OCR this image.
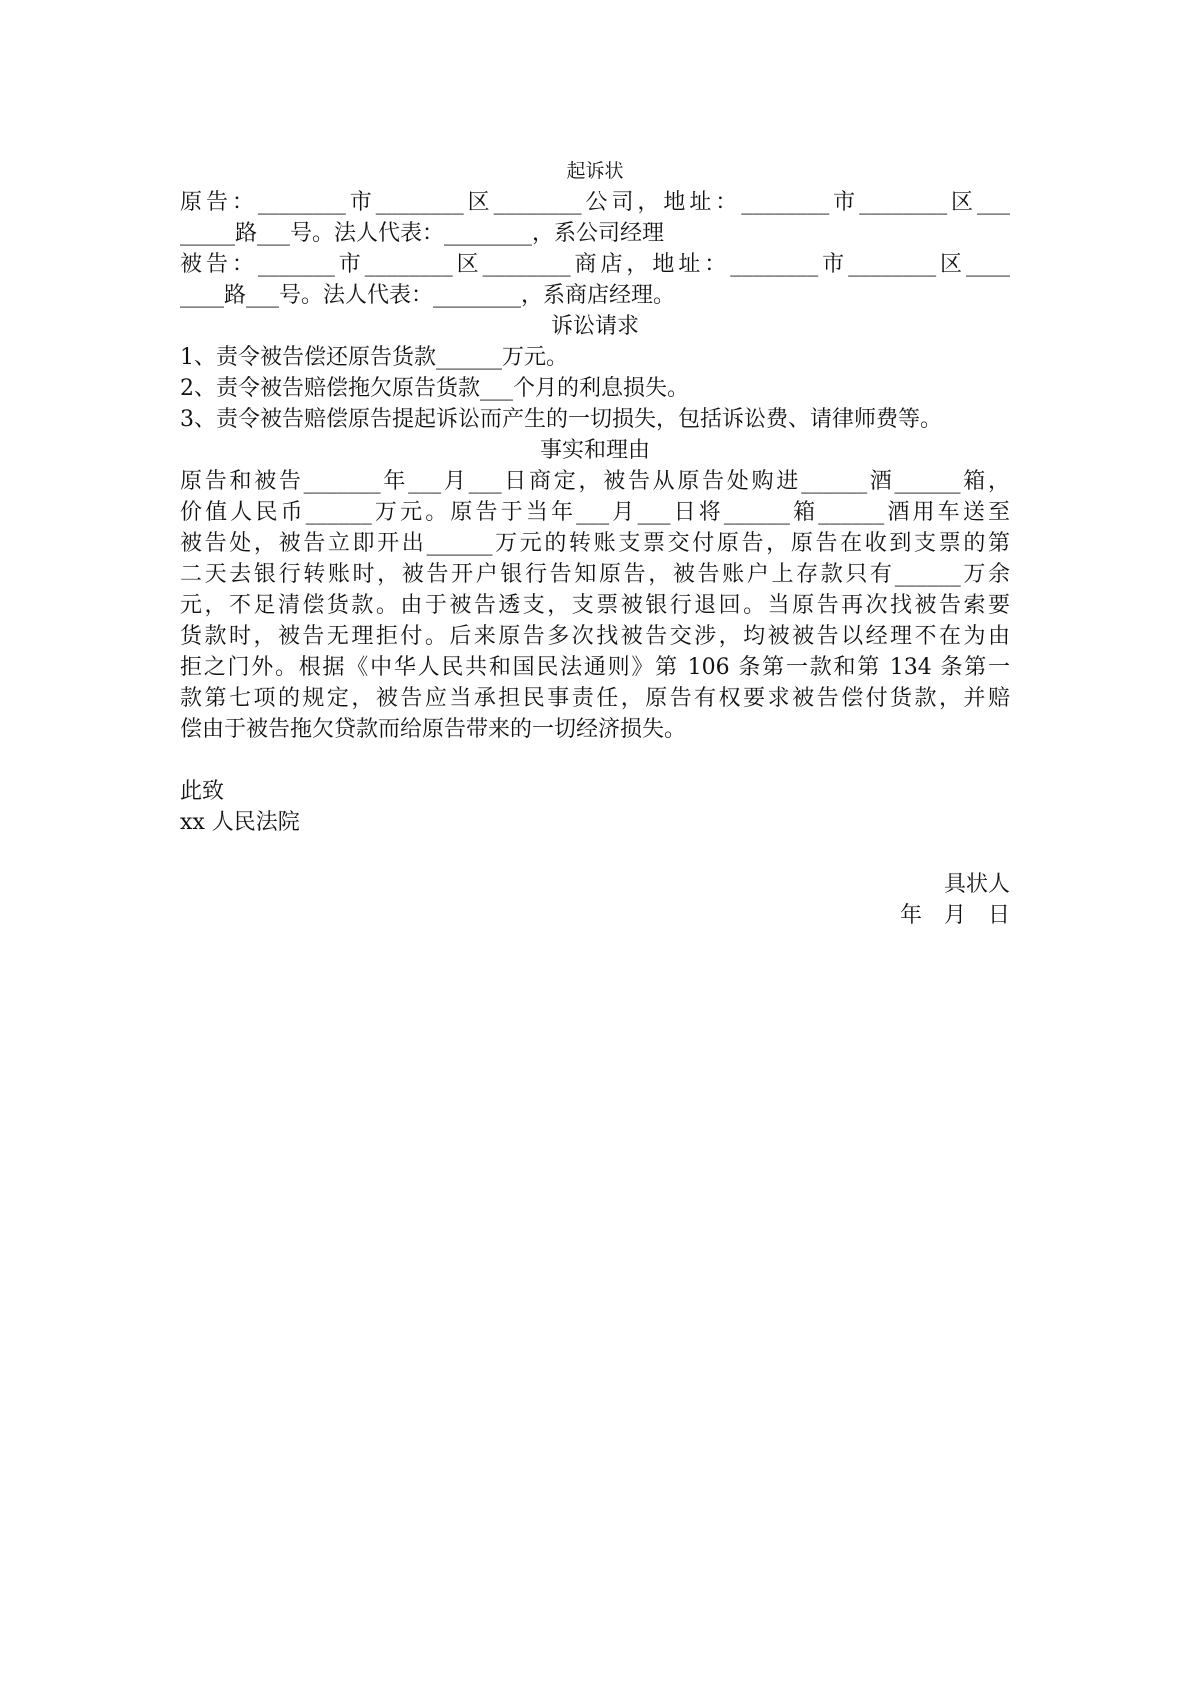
起诉状
原告：________市________区________公司，地址：________市________区___
_____路___号。法人代表：________，系公司经理
被告：_______市________区________商店，地址：________市________区____
____路___号。法人代表：________，系商店经理。
诉讼请求
1、责令被告偿还原告货款______万元。
2、责令被告赔偿拖欠原告货款___个月的利息损失。
3、责令被告赔偿原告提起诉讼而产生的一切损失，包括诉讼费、请律师费等。
事实和理由
原告和被告_______年___月___日商定，被告从原告处购进______酒______箱，
价值人民币______万元。原告于当年___月___日将______箱______酒用车送至
被告处，被告立即开出______万元的转账支票交付原告，原告在收到支票的第
二天去银行转账时，被告开户银行告知原告，被告账户上存款只有______万余
元，不足清偿货款。由于被告透支，支票被银行退回。当原告再次找被告索要
货款时，被告无理拒付。后来原告多次找被告交涉，均被被告以经理不在为由
拒之门外。根据《中华人民共和国民法通则》第 106 条第一款和第 134 条第一
款第七项的规定，被告应当承担民事责任，原告有权要求被告偿付货款，并赔
偿由于被告拖欠贷款而给原告带来的一切经济损失。
此致
xx 人民法院
具状人
年　月　日
